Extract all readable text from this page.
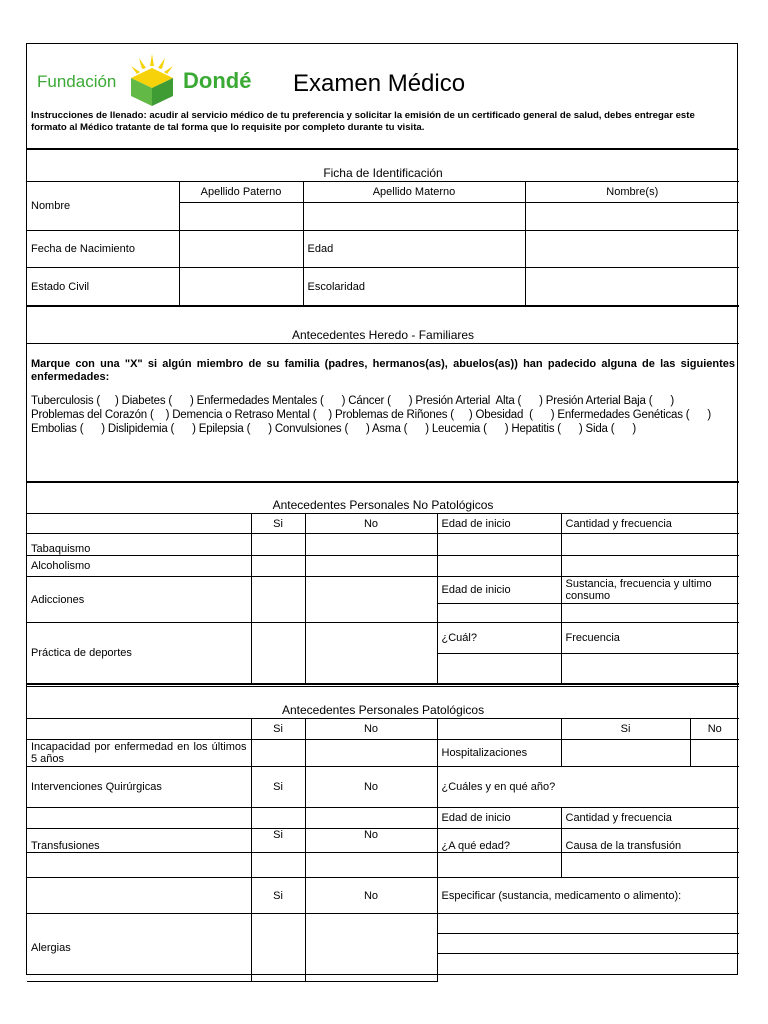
Fundación	Dondé Examen Médico
Instrucciones de llenado: acudir al servicio médico de tu preferencia y solicitar la emisión de un certificado general de salud, debes entregar este formato al Médico tratante de tal forma que lo requisite por completo durante tu visita.
Ficha de Identificación			
Nombre	Apellido Paterno	Apellido Materno	Nombre(s)

Fecha de Nacimiento		Edad	
Estado Civil		Escolaridad	
Antecedentes Heredo - Familiares

Marque con una "X" si algún miembro de su familia (padres, hermanos(as), abuelos(as)) han padecido alguna de las siguientes enfermedades:
Tuberculosis (     ) Diabetes (      ) Enfermedades Mentales (      ) Cáncer (      ) Presión Arterial  Alta (      ) Presión Arterial Baja (      )
Problemas del Corazón (    ) Demencia o Retraso Mental (    ) Problemas de Riñones (     ) Obesidad  (      ) Enfermedades Genéticas (      )
Embolias (      ) Dislipidemia (      ) Epilepsia (      ) Convulsiones (      ) Asma (      ) Leucemia (      ) Hepatitis (      ) Sida (      )
Antecedentes Personales No Patológicos				
	Si	No	Edad de inicio	Cantidad y frecuencia
Tabaquismo				
Alcoholismo				
Adicciones			Edad de inicio	Sustancia, frecuencia y ultimo consumo

Práctica de deportes			¿Cuál?	Frecuencia

Antecedentes Personales Patológicos					
	Si	No		Si	No
Incapacidad por enfermedad en los últimos 5 años			Hospitalizaciones		
Intervenciones Quirúrgicas	Si	No	¿Cuáles y en qué año?		
			Edad de inicio	Cantidad y frecuencia	
Transfusiones	Si	No	¿A qué edad?	Causa de la transfusión	

	Si	No	Especificar (sustancia, medicamento o alimento):		
Alergias					
